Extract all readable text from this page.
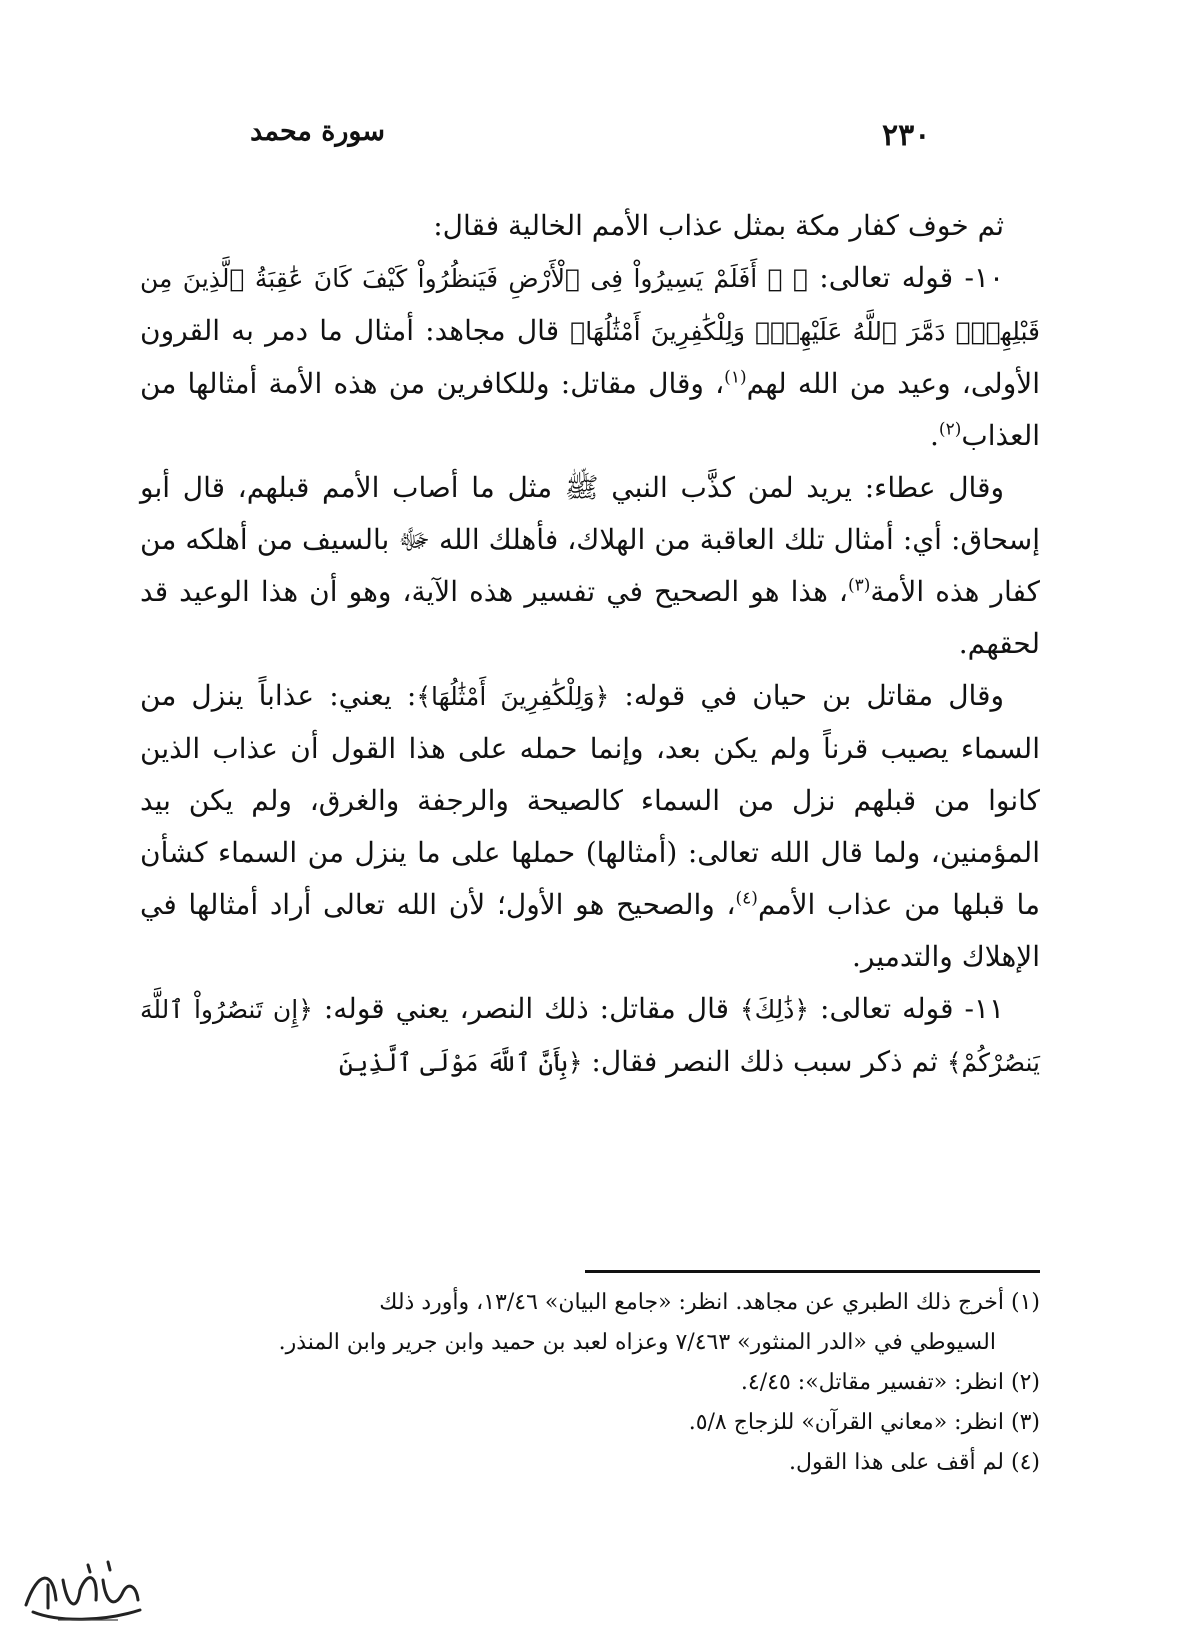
سورة محمد	٢٣٠

ثم خوف كفار مكة بمثل عذاب الأمم الخالية فقال:

١٠- قوله تعالى: ﴿ ۞ أَفَلَمْ يَسِيرُواْ فِى ٱلْأَرْضِ فَيَنظُرُواْ كَيْفَ كَانَ عَٰقِبَةُ ٱلَّذِينَ مِن قَبْلِهِمْۖ دَمَّرَ ٱللَّهُ عَلَيْهِمْۖ وَلِلْكَٰفِرِينَ أَمْثَٰلُهَا﴾ قال مجاهد: أمثال ما دمر به القرون الأولى، وعيد من الله لهم$^{(١)}$، وقال مقاتل: وللكافرين من هذه الأمة أمثالها من العذاب$^{(٢)}$.

وقال عطاء: يريد لمن كذَّب النبي ﷺ مثل ما أصاب الأمم قبلهم، قال أبو إسحاق: أي: أمثال تلك العاقبة من الهلاك، فأهلك الله ﷻ بالسيف من أهلكه من كفار هذه الأمة$^{(٣)}$، هذا هو الصحيح في تفسير هذه الآية، وهو أن هذا الوعيد قد لحقهم.

وقال مقاتل بن حيان في قوله: ﴿وَلِلْكَٰفِرِينَ أَمْثَٰلُهَا﴾: يعني: عذاباً ينزل من السماء يصيب قرناً ولم يكن بعد، وإنما حمله على هذا القول أن عذاب الذين كانوا من قبلهم نزل من السماء كالصيحة والرجفة والغرق، ولم يكن بيد المؤمنين، ولما قال الله تعالى: (أمثالها) حملها على ما ينزل من السماء كشأن ما قبلها من عذاب الأمم$^{(٤)}$، والصحيح هو الأول؛ لأن الله تعالى أراد أمثالها في الإهلاك والتدمير.

١١- قوله تعالى: ﴿ذَٰلِكَ﴾ قال مقاتل: ذلك النصر، يعني قوله: ﴿إِن تَنصُرُواْ ٱللَّهَ يَنصُرْكُمْ﴾ ثم ذكر سبب ذلك النصر فقال: ﴿بِأَنَّ ٱللَّهَ مَوْلَى ٱلَّذِينَ

(١) أخرج ذلك الطبري عن مجاهد. انظر: «جامع البيان» ١٣/٤٦، وأورد ذلك

السيوطي في «الدر المنثور» ٧/٤٦٣ وعزاه لعبد بن حميد وابن جرير وابن المنذر.

(٢) انظر: «تفسير مقاتل»: ٤/٤٥.

(٣) انظر: «معاني القرآن» للزجاج ٥/٨.

(٤) لم أقف على هذا القول.
